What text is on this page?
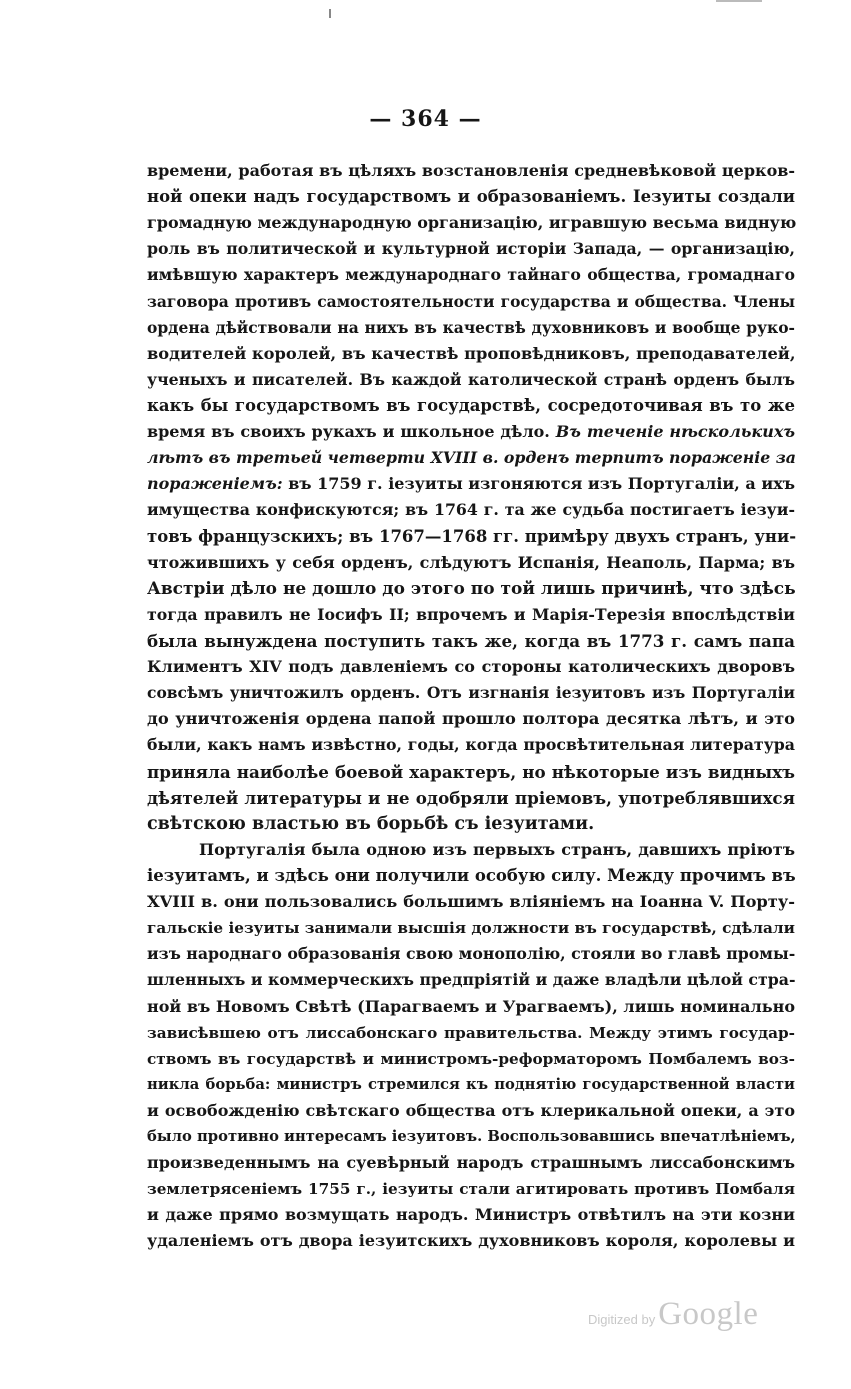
— 364 —
времени, работая въ цѣляхъ возстановленія средневѣковой церков-
ной опеки надъ государствомъ и образованіемъ. Іезуиты создали
громадную международную организацію, игравшую весьма видную
роль въ политической и культурной исторіи Запада, — организацію,
имѣвшую характеръ международнаго тайнаго общества, громаднаго
заговора противъ самостоятельности государства и общества. Члены
ордена дѣйствовали на нихъ въ качествѣ духовниковъ и вообще руко-
водителей королей, въ качествѣ проповѣдниковъ, преподавателей,
ученыхъ и писателей. Въ каждой католической странѣ орденъ былъ
какъ бы государствомъ въ государствѣ, сосредоточивая въ то же
время въ своихъ рукахъ и школьное дѣло. Въ теченіе нѣсколькихъ
лѣтъ въ третьей четверти XVIII в. орденъ терпитъ пораженіе за
пораженіемъ: въ 1759 г. іезуиты изгоняются изъ Португаліи, а ихъ
имущества конфискуются; въ 1764 г. та же судьба постигаетъ іезуи-
товъ французскихъ; въ 1767—1768 гг. примѣру двухъ странъ, уни-
чтожившихъ у себя орденъ, слѣдуютъ Испанія, Неаполь, Парма; въ
Австріи дѣло не дошло до этого по той лишь причинѣ, что здѣсь
тогда правилъ не Іосифъ II; впрочемъ и Марія-Терезія впослѣдствіи
была вынуждена поступить такъ же, когда въ 1773 г. самъ папа
Климентъ XIV подъ давленіемъ со стороны католическихъ дворовъ
совсѣмъ уничтожилъ орденъ. Отъ изгнанія іезуитовъ изъ Португаліи
до уничтоженія ордена папой прошло полтора десятка лѣтъ, и это
были, какъ намъ извѣстно, годы, когда просвѣтительная литература
приняла наиболѣе боевой характеръ, но нѣкоторые изъ видныхъ
дѣятелей литературы и не одобряли пріемовъ, употреблявшихся
свѣтскою властью въ борьбѣ съ іезуитами.
Португалія была одною изъ первыхъ странъ, давшихъ пріютъ
іезуитамъ, и здѣсь они получили особую силу. Между прочимъ въ
XVIII в. они пользовались большимъ вліяніемъ на Іоанна V. Порту-
гальскіе іезуиты занимали высшія должности въ государствѣ, сдѣлали
изъ народнаго образованія свою монополію, стояли во главѣ промы-
шленныхъ и коммерческихъ предпріятій и даже владѣли цѣлой стра-
ной въ Новомъ Свѣтѣ (Парагваемъ и Урагваемъ), лишь номинально
зависѣвшею отъ лиссабонскаго правительства. Между этимъ государ-
ствомъ въ государствѣ и министромъ-реформаторомъ Помбалемъ воз-
никла борьба: министръ стремился къ поднятію государственной власти
и освобожденію свѣтскаго общества отъ клерикальной опеки, а это
было противно интересамъ іезуитовъ. Воспользовавшись впечатлѣніемъ,
произведеннымъ на суевѣрный народъ страшнымъ лиссабонскимъ
землетрясеніемъ 1755 г., іезуиты стали агитировать противъ Помбаля
и даже прямо возмущать народъ. Министръ отвѣтилъ на эти козни
удаленіемъ отъ двора іезуитскихъ духовниковъ короля, королевы и
Digitized by Google
